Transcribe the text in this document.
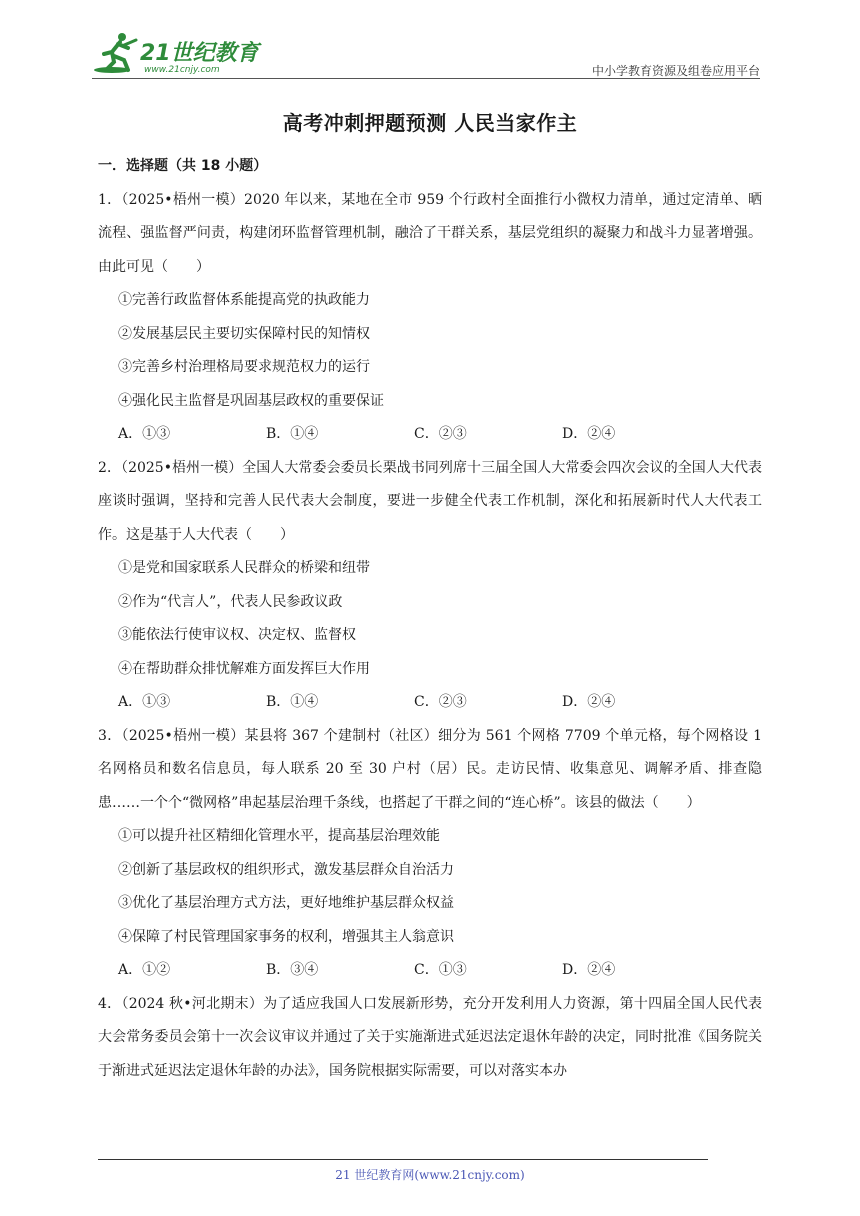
21世纪教育
www.21cnjy.com	中小学教育资源及组卷应用平台
高考冲刺押题预测 人民当家作主
一．选择题（共 18 小题）
1．（2025•梧州一模）2020 年以来，某地在全市 959 个行政村全面推行小微权力清单，通过定清单、晒流程、强监督严问责，构建闭环监督管理机制，融洽了干群关系，基层党组织的凝聚力和战斗力显著增强。由此可见（　　）
①完善行政监督体系能提高党的执政能力
②发展基层民主要切实保障村民的知情权
③完善乡村治理格局要求规范权力的运行
④强化民主监督是巩固基层政权的重要保证
A．①③	B．①④	C．②③	D．②④
2．（2025•梧州一模）全国人大常委会委员长栗战书同列席十三届全国人大常委会四次会议的全国人大代表座谈时强调，坚持和完善人民代表大会制度，要进一步健全代表工作机制，深化和拓展新时代人大代表工作。这是基于人大代表（　　）
①是党和国家联系人民群众的桥梁和纽带
②作为“代言人”，代表人民参政议政
③能依法行使审议权、决定权、监督权
④在帮助群众排忧解难方面发挥巨大作用
A．①③	B．①④	C．②③	D．②④
3．（2025•梧州一模）某县将 367 个建制村（社区）细分为 561 个网格 7709 个单元格，每个网格设 1 名网格员和数名信息员，每人联系 20 至 30 户村（居）民。走访民情、收集意见、调解矛盾、排查隐患……一个个“微网格”串起基层治理千条线，也搭起了干群之间的“连心桥”。该县的做法（　　）
①可以提升社区精细化管理水平，提高基层治理效能
②创新了基层政权的组织形式，激发基层群众自治活力
③优化了基层治理方式方法，更好地维护基层群众权益
④保障了村民管理国家事务的权利，增强其主人翁意识
A．①②	B．③④	C．①③	D．②④
4．（2024 秋•河北期末）为了适应我国人口发展新形势，充分开发利用人力资源，第十四届全国人民代表大会常务委员会第十一次会议审议并通过了关于实施渐进式延迟法定退休年龄的决定，同时批准《国务院关于渐进式延迟法定退休年龄的办法》，国务院根据实际需要，可以对落实本办
21 世纪教育网(www.21cnjy.com)
